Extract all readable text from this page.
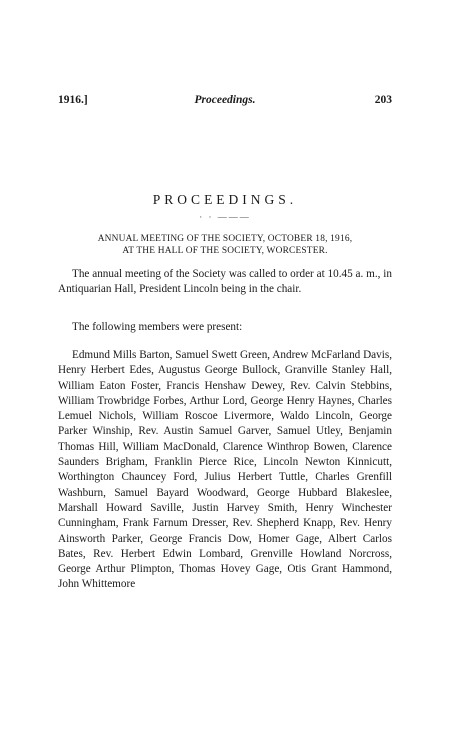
1916.]	Proceedings.	203
PROCEEDINGS.
· · ———
ANNUAL MEETING OF THE SOCIETY, OCTOBER 18, 1916,
AT THE HALL OF THE SOCIETY, WORCESTER.

The annual meeting of the Society was called to order at 10.45 a. m., in Antiquarian Hall, President Lincoln being in the chair.

The following members were present:

Edmund Mills Barton, Samuel Swett Green, Andrew McFarland Davis, Henry Herbert Edes, Augustus George Bullock, Granville Stanley Hall, William Eaton Foster, Francis Henshaw Dewey, Rev. Calvin Stebbins, William Trowbridge Forbes, Arthur Lord, George Henry Haynes, Charles Lemuel Nichols, William Roscoe Livermore, Waldo Lincoln, George Parker Winship, Rev. Austin Samuel Garver, Samuel Utley, Benjamin Thomas Hill, William MacDonald, Clarence Winthrop Bowen, Clarence Saunders Brigham, Franklin Pierce Rice, Lincoln Newton Kinnicutt, Worthington Chauncey Ford, Julius Herbert Tuttle, Charles Grenfill Washburn, Samuel Bayard Woodward, George Hubbard Blakeslee, Marshall Howard Saville, Justin Harvey Smith, Henry Winchester Cunningham, Frank Farnum Dresser, Rev. Shepherd Knapp, Rev. Henry Ainsworth Parker, George Francis Dow, Homer Gage, Albert Carlos Bates, Rev. Herbert Edwin Lombard, Grenville Howland Norcross, George Arthur Plimpton, Thomas Hovey Gage, Otis Grant Hammond, John Whittemore
